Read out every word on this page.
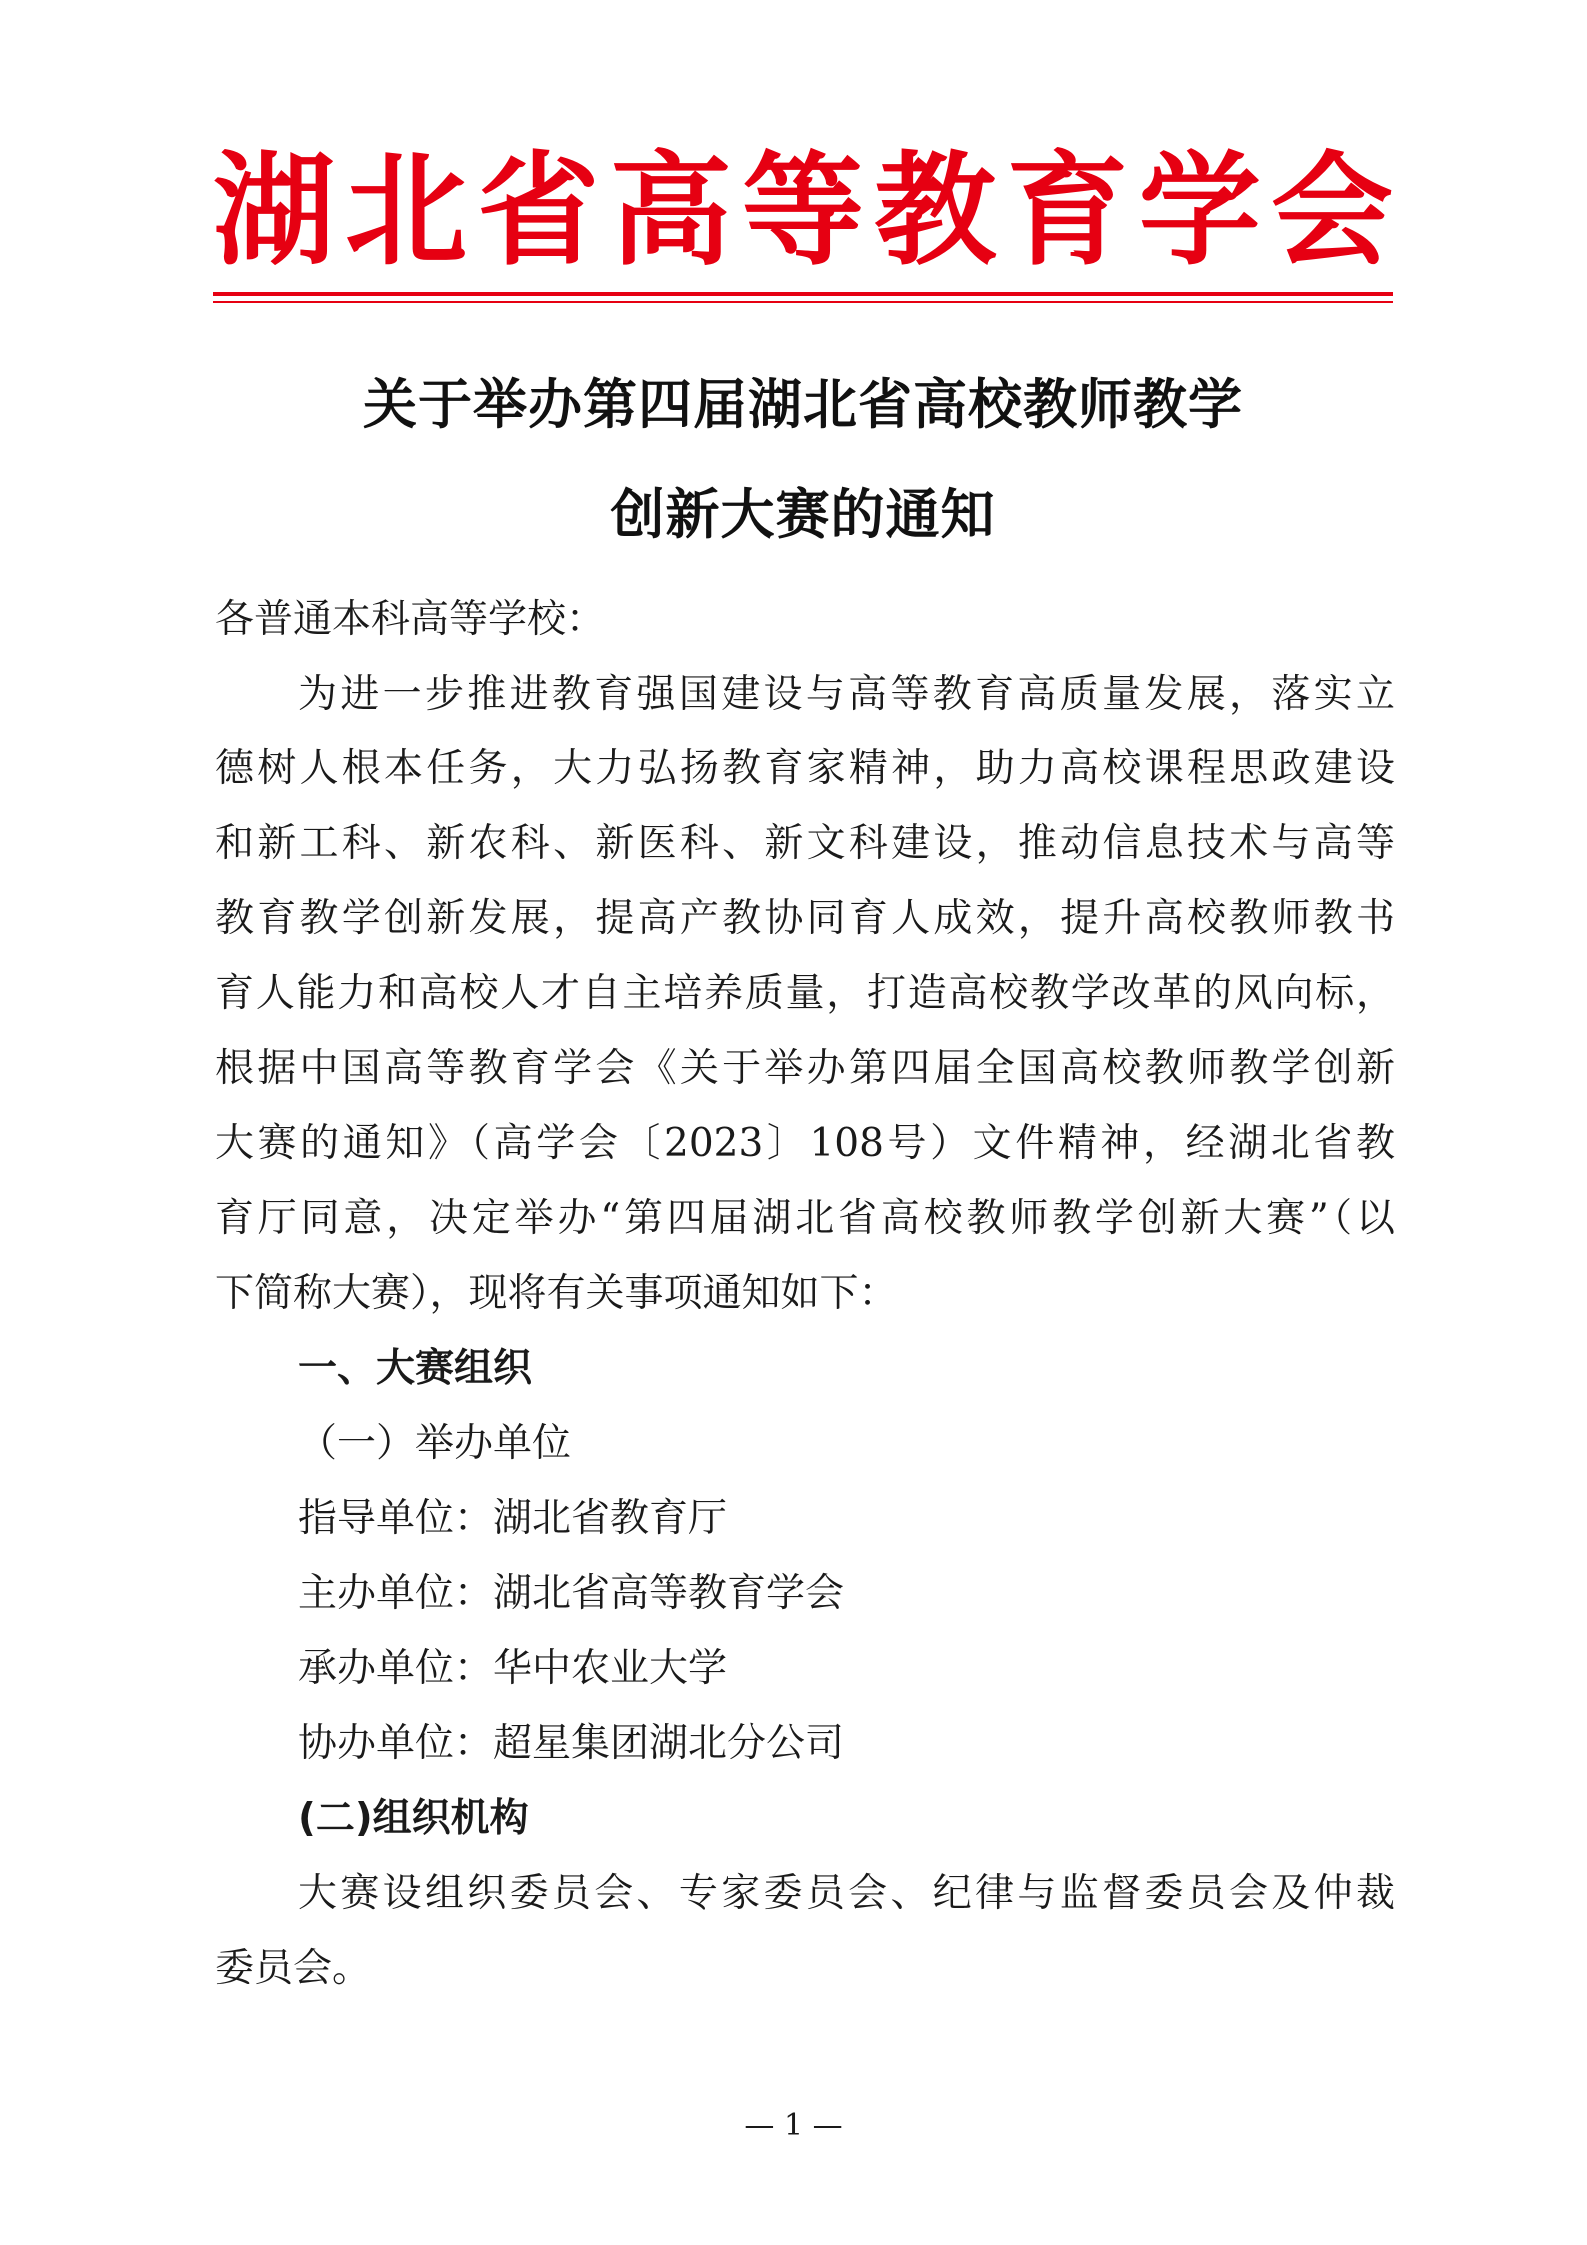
湖 北 省 高 等 教 育 学 会
关于举办第四届湖北省高校教师教学
创新大赛的通知
各普通本科高等学校：
为进一步推进教育强国建设与高等教育高质量发展，落实立
德树人根本任务，大力弘扬教育家精神，助力高校课程思政建设
和新工科、新农科、新医科、新文科建设，推动信息技术与高等
教育教学创新发展，提高产教协同育人成效，提升高校教师教书
育人能力和高校人才自主培养质量，打造高校教学改革的风向标，
根据中国高等教育学会《关于举办第四届全国高校教师教学创新
大赛的通知》（高学会〔2023〕108号）文件精神，经湖北省教
育厅同意，决定举办“第四届湖北省高校教师教学创新大赛”（以
下简称大赛），现将有关事项通知如下：
一、大赛组织
（一）举办单位
指导单位：湖北省教育厅
主办单位：湖北省高等教育学会
承办单位：华中农业大学
协办单位：超星集团湖北分公司
(二)组织机构
大赛设组织委员会、专家委员会、纪律与监督委员会及仲裁
委员会。
— 1 —
